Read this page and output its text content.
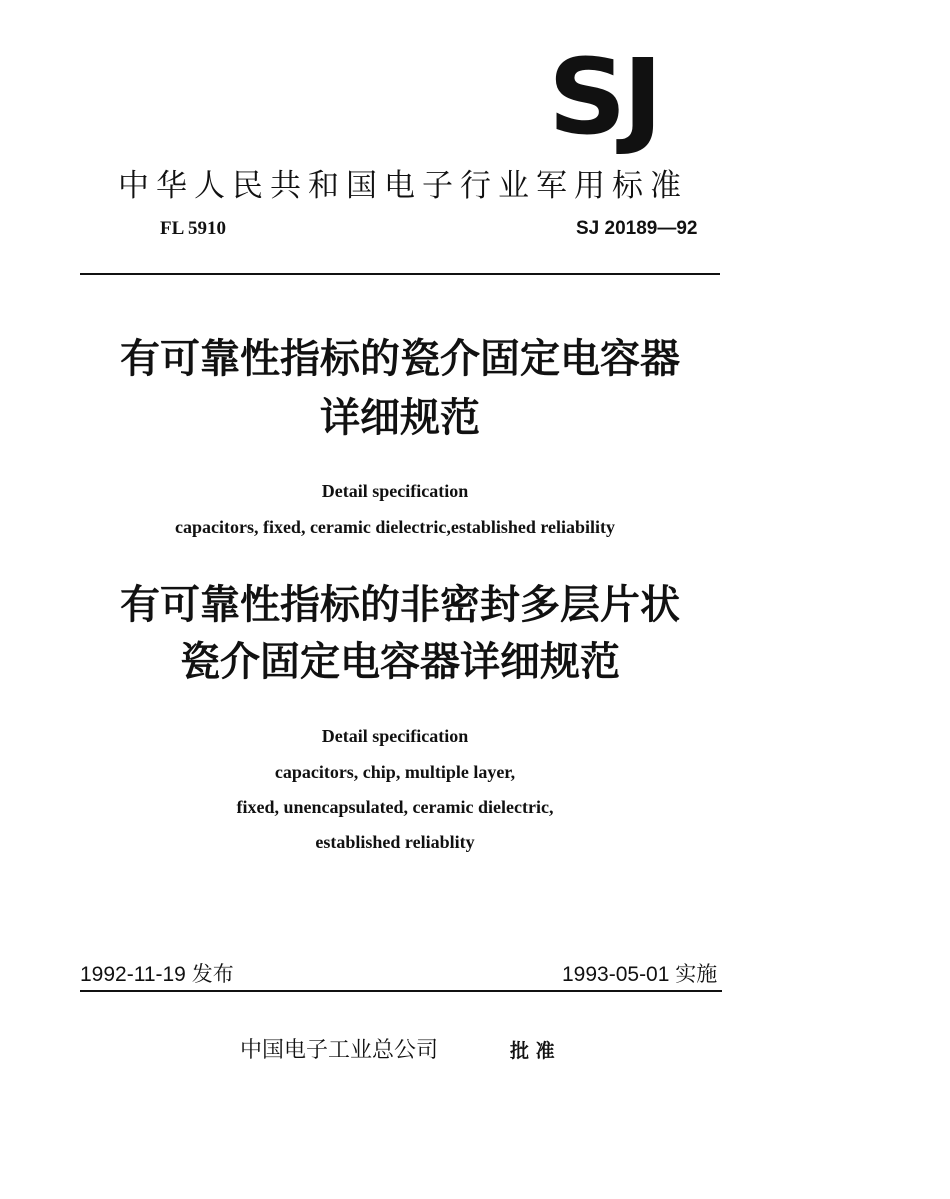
SJ
中华人民共和国电子行业军用标准
FL 5910	SJ 20189—92
有可靠性指标的瓷介固定电容器
详细规范
Detail specification
capacitors, fixed, ceramic dielectric,established reliability
有可靠性指标的非密封多层片状
瓷介固定电容器详细规范
Detail specification
capacitors, chip, multiple layer,
fixed, unencapsulated, ceramic dielectric,
established reliablity
1992-11-19 发布	1993-05-01 实施
中国电子工业总公司	批 准
